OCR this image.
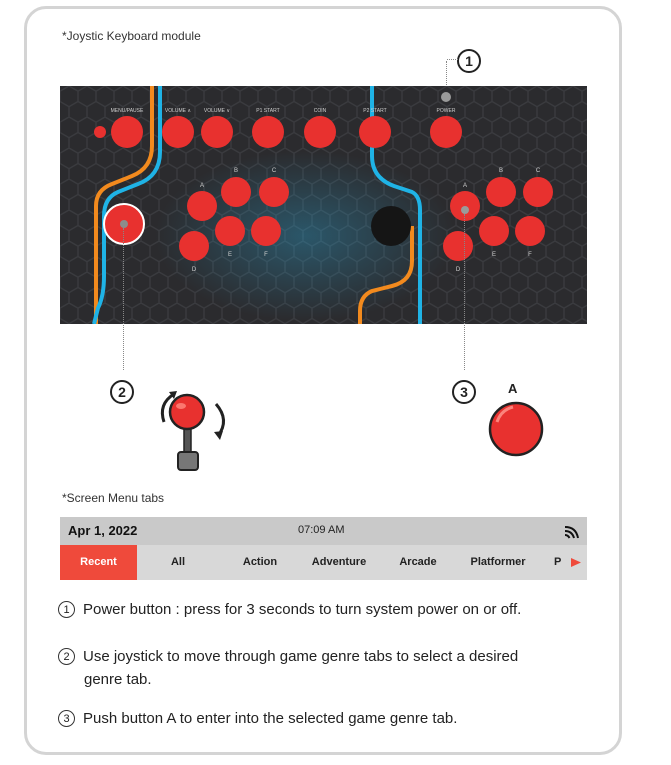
*Joystic Keyboard module
1
MENU/PAUSE	VOLUME ∧	VOLUME ∨	P1 START	COIN	P2 START	POWER
A
B	C
D
E	F
A
B	C
D
E	F
2	3	A
*Screen Menu tabs
Apr 1, 2022	07:09 AM
Recent	All	Action	Adventure	Arcade	Platformer	P
1 Power button : press for 3 seconds to turn system power on or off.
2 Use joystick to move through game genre tabs to select a desired
genre tab.
3 Push button A to enter into the selected game genre tab.
